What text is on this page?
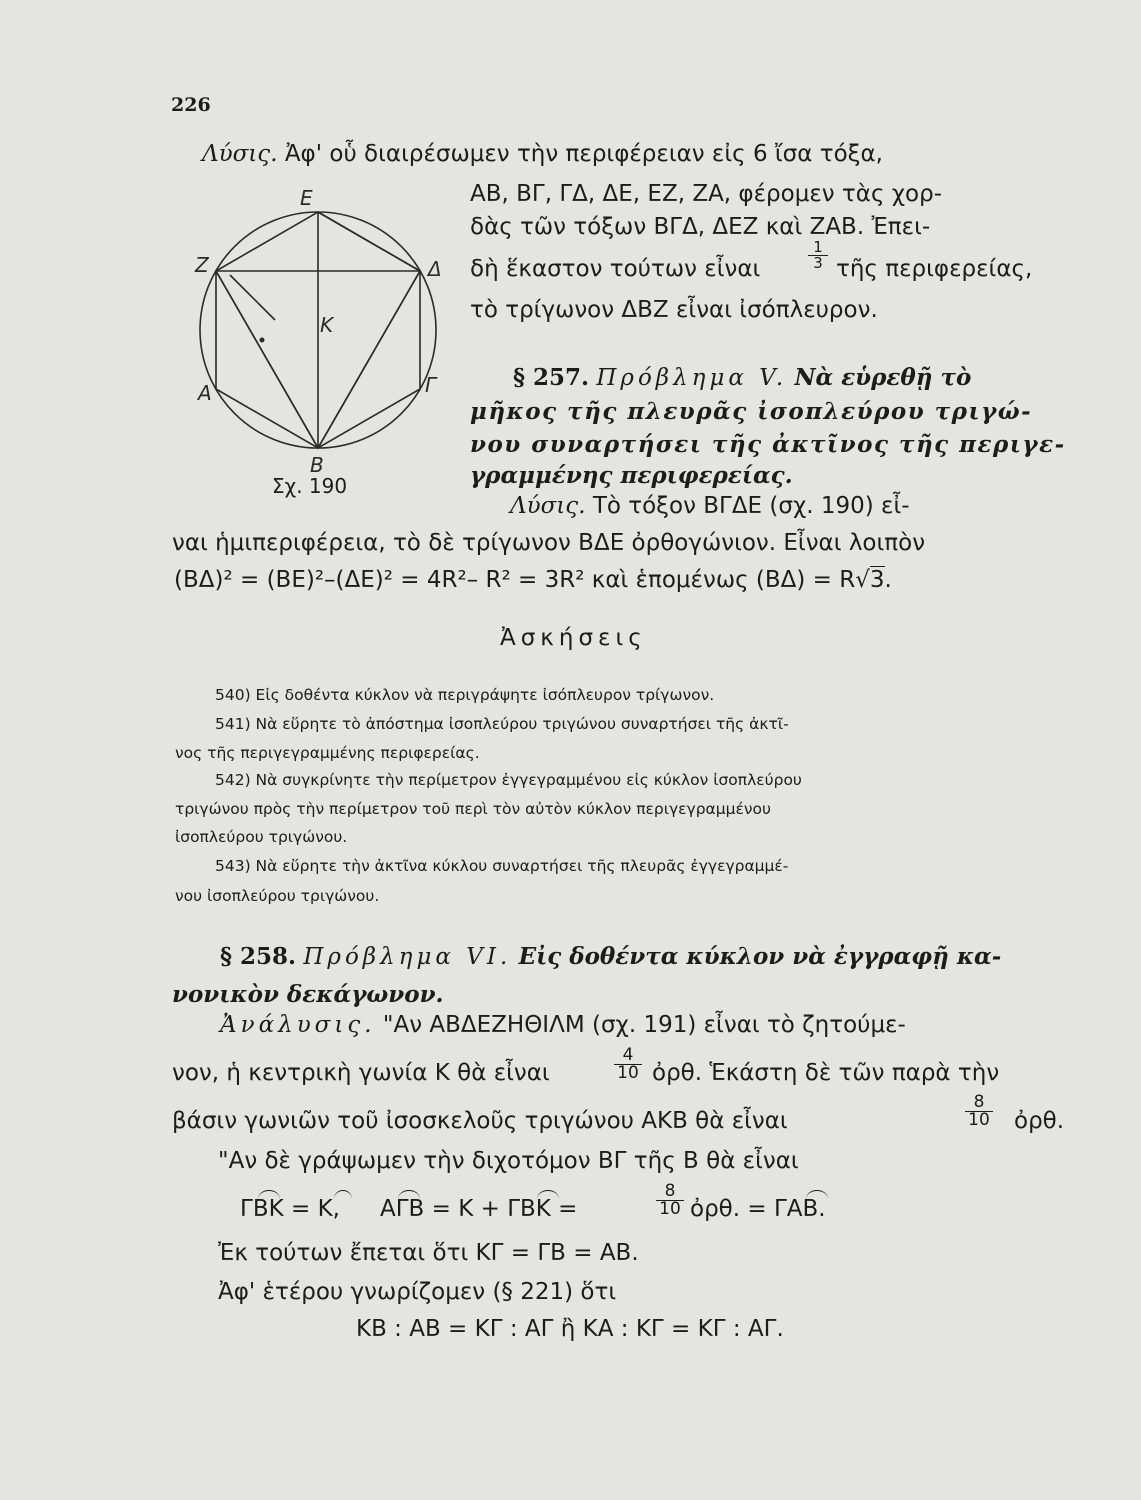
226
Λύσις. Ἀφ' οὗ διαιρέσωμεν τὴν περιφέρειαν εἰς 6 ἴσα τόξα,
ΑΒ, ΒΓ, ΓΔ, ΔΕ, ΕΖ, ΖΑ, φέρομεν τὰς χορ-
δὰς τῶν τόξων ΒΓΔ, ΔΕΖ καὶ ΖΑΒ. Ἐπει-
δὴ ἕκαστον τούτων εἶναι	$\frac{1}{3}$ τῆς περιφερείας,
τὸ τρίγωνον ΔΒΖ εἶναι ἰσόπλευρον.
E
Z	Δ
K
Γ
A
B
Σχ. 190
§ 257. Πρόβλημα V. Νὰ εὑρεθῇ τὸ
μῆκος τῆς πλευρᾶς ἰσοπλεύρου τριγώ-
νου συναρτήσει τῆς ἀκτῖνος τῆς περιγε-
γραμμένης περιφερείας.
Λύσις. Τὸ τόξον ΒΓΔΕ (σχ. 190) εἶ-
ναι ἡμιπεριφέρεια, τὸ δὲ τρίγωνον ΒΔΕ ὀρθογώνιον. Εἶναι λοιπὸν
(ΒΔ)² = (ΒΕ)²–(ΔΕ)² = 4R²– R² = 3R² καὶ ἑπομένως (ΒΔ) = R√3.
Ἀσκήσεις
540) Εἰς δοθέντα κύκλον νὰ περιγράψητε ἰσόπλευρον τρίγωνον.
541) Νὰ εὕρητε τὸ ἀπόστημα ἰσοπλεύρου τριγώνου συναρτήσει τῆς ἀκτῖ-
νος τῆς περιγεγραμμένης περιφερείας.
542) Νὰ συγκρίνητε τὴν περίμετρον ἐγγεγραμμένου εἰς κύκλον ἰσοπλεύρου
τριγώνου πρὸς τὴν περίμετρον τοῦ περὶ τὸν αὐτὸν κύκλον περιγεγραμμένου
ἰσοπλεύρου τριγώνου.
543) Νὰ εὕρητε τὴν ἀκτῖνα κύκλου συναρτήσει τῆς πλευρᾶς ἐγγεγραμμέ-
νου ἰσοπλεύρου τριγώνου.
§ 258. Πρόβλημα VI. Εἰς δοθέντα κύκλον νὰ ἐγγραφῇ κα-
νονικὸν δεκάγωνον.
Ἀνάλυσις. "Αν ΑΒΔΕΖΗΘΙΛΜ (σχ. 191) εἶναι τὸ ζητούμε-
νον, ἡ κεντρικὴ γωνία Κ θὰ εἶναι	$\frac{4}{10}$ ὀρθ. Ἑκάστη δὲ τῶν παρὰ τὴν
βάσιν γωνιῶν τοῦ ἰσοσκελοῦς τριγώνου ΑΚΒ θὰ εἶναι	$\frac{8}{10}$ ὀρθ.
"Αν δὲ γράψωμεν τὴν διχοτόμον ΒΓ τῆς Β θὰ εἶναι
ΓΒΚ = Κ, ΑΓΒ = Κ + ΓΒΚ =	$\frac{8}{10}$ ὀρθ. = ΓΑΒ.
Ἐκ τούτων ἔπεται ὅτι ΚΓ = ΓΒ = ΑΒ.
Ἀφ' ἑτέρου γνωρίζομεν (§ 221) ὅτι
ΚΒ : ΑΒ = ΚΓ : ΑΓ ἢ ΚΑ : ΚΓ = ΚΓ : ΑΓ.
